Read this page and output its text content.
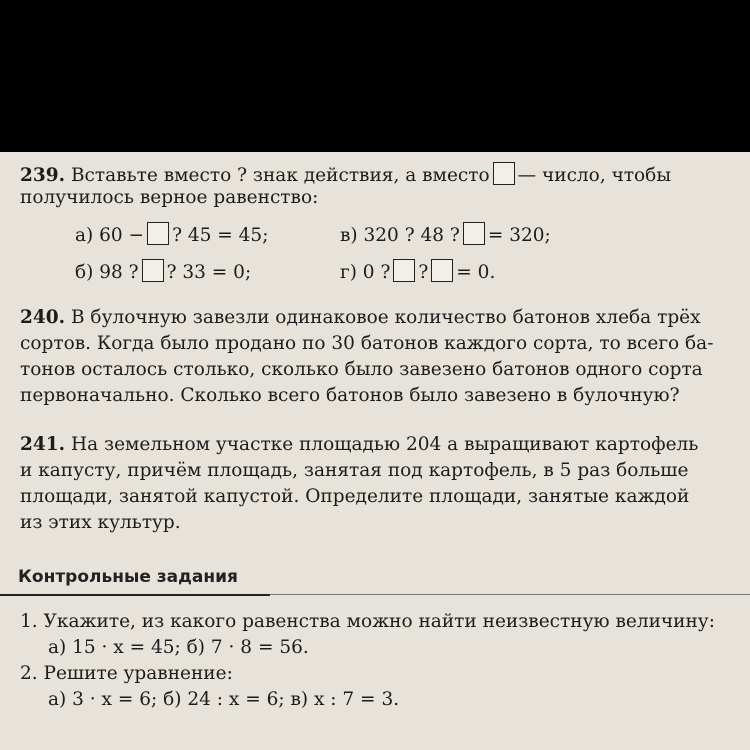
239. Вставьте вместо ? знак действия, а вместо — число, чтобы
получилось верное равенство:
а) 60 − ? 45 = 45;	в) 320 ? 48 ? = 320;
б) 98 ? ? 33 = 0;	г) 0 ? ? = 0.
240. В булочную завезли одинаковое количество батонов хлеба трёх
сортов. Когда было продано по 30 батонов каждого сорта, то всего ба-
тонов осталось столько, сколько было завезено батонов одного сорта
первоначально. Сколько всего батонов было завезено в булочную?
241. На земельном участке площадью 204 а выращивают картофель
и капусту, причём площадь, занятая под картофель, в 5 раз больше
площади, занятой капустой. Определите площади, занятые каждой
из этих культур.
Контрольные задания
1. Укажите, из какого равенства можно найти неизвестную величину:
а) 15 · x = 45; б) 7 · 8 = 56.
2. Решите уравнение:
а) 3 · x = 6; б) 24 : x = 6; в) x : 7 = 3.
